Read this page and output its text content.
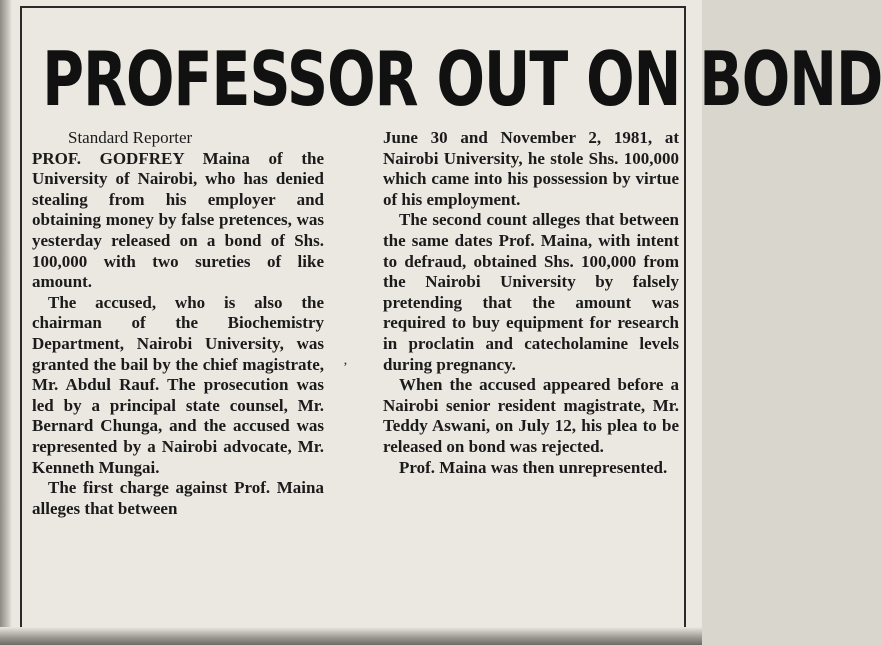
PROFESSOR OUT ON BOND
Standard Reporter

PROF. GODFREY Maina of the University of Nairobi, who has denied stealing from his employer and obtaining money by false pretences, was yesterday released on a bond of Shs. 100,000 with two sureties of like amount.

The accused, who is also the chairman of the Biochemistry Department, Nairobi University, was granted the bail by the chief magistrate, Mr. Abdul Rauf. The prosecution was led by a principal state counsel, Mr. Bernard Chunga, and the accused was represented by a Nairobi advocate, Mr. Kenneth Mungai.

The first charge against Prof. Maina alleges that between

‚

June 30 and November 2, 1981, at Nairobi University, he stole Shs. 100,000 which came into his possession by virtue of his employment.

The second count alleges that between the same dates Prof. Maina, with intent to defraud, obtained Shs. 100,000 from the Nairobi University by falsely pretending that the amount was required to buy equipment for research in proclatin and catecholamine levels during pregnancy.

When the accused appeared before a Nairobi senior resident magistrate, Mr. Teddy Aswani, on July 12, his plea to be released on bond was rejected.

Prof. Maina was then unrepresented.
